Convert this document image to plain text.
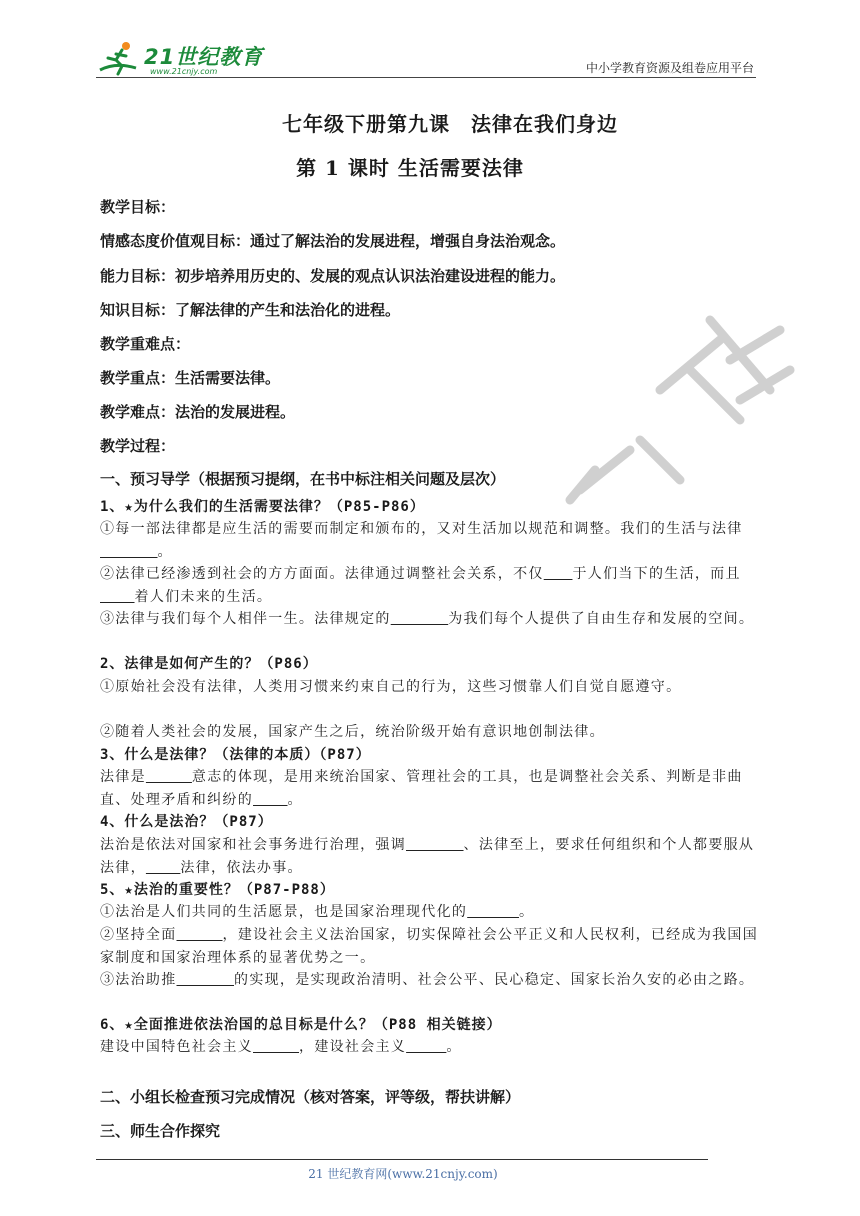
21世纪教育
www.21cnjy.com	中小学教育资源及组卷应用平台
七年级下册第九课　法律在我们身边
第 1 课时 生活需要法律
教学目标：
情感态度价值观目标：通过了解法治的发展进程，增强自身法治观念。
能力目标：初步培养用历史的、发展的观点认识法治建设进程的能力。
知识目标：了解法律的产生和法治化的进程。
教学重难点：
教学重点：生活需要法律。
教学难点：法治的发展进程。
教学过程：
一、预习导学（根据预习提纲，在书中标注相关问题及层次）
1、★为什么我们的生活需要法律？（P85-P86）
①每一部法律都是应生活的需要而制定和颁布的，又对生活加以规范和调整。我们的生活与法律          。
②法律已经渗透到社会的方方面面。法律通过调整社会关系，不仅 于人们当下的生活，而且      着人们未来的生活。
③法律与我们每个人相伴一生。法律规定的	为我们每个人提供了自由生存和发展的空间。
2、法律是如何产生的？（P86）
①原始社会没有法律，人类用习惯来约束自己的行为，这些习惯靠人们自觉自愿遵守。
②随着人类社会的发展，国家产生之后，统治阶级开始有意识地创制法律。
3、什么是法律？（法律的本质）（P87）
法律是	意志的体现，是用来统治国家、管理社会的工具，也是调整社会关系、判断是非曲直、处理矛盾和纠纷的 。
4、什么是法治？（P87）
法治是依法对国家和社会事务进行治理，强调	、法律至上，要求任何组织和个人都要服从法律， 法律，依法办事。
5、★法治的重要性？（P87-P88）
①法治是人们共同的生活愿景，也是国家治理现代化的	。
②坚持全面	，建设社会主义法治国家，切实保障社会公平正义和人民权利，已经成为我国国家制度和国家治理体系的显著优势之一。
③法治助推	的实现，是实现政治清明、社会公平、民心稳定、国家长治久安的必由之路。
6、★全面推进依法治国的总目标是什么？（P88 相关链接）
建设中国特色社会主义	，建设社会主义	。
二、小组长检查预习完成情况（核对答案，评等级，帮扶讲解）
三、师生合作探究
21 世纪教育网(www.21cnjy.com)
